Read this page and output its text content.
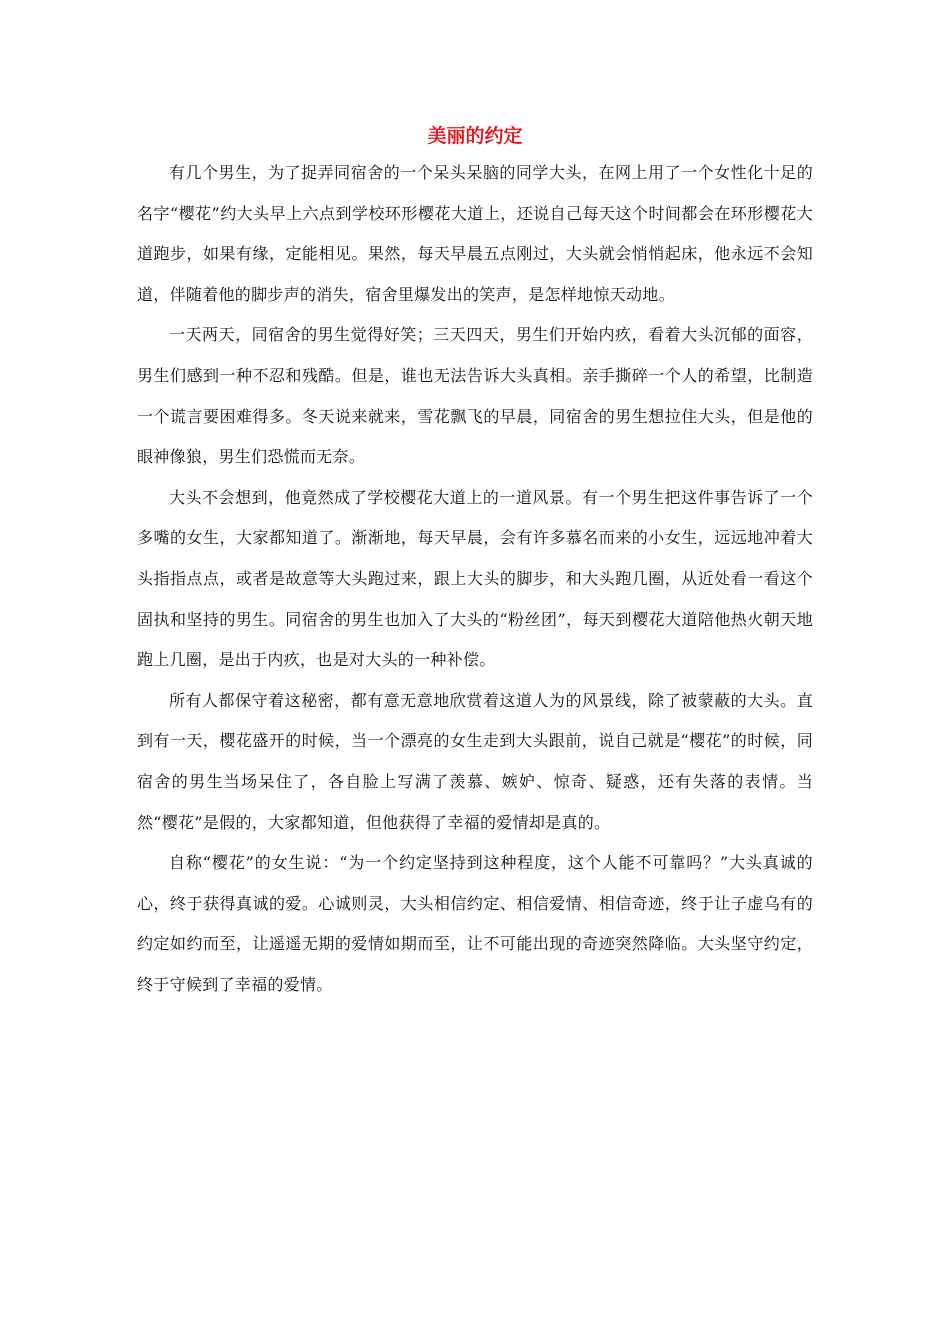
美丽的约定

有几个男生，为了捉弄同宿舍的一个呆头呆脑的同学大头，在网上用了一个女性化十足的名字“樱花”约大头早上六点到学校环形樱花大道上，还说自己每天这个时间都会在环形樱花大道跑步，如果有缘，定能相见。果然，每天早晨五点刚过，大头就会悄悄起床，他永远不会知道，伴随着他的脚步声的消失，宿舍里爆发出的笑声，是怎样地惊天动地。

一天两天，同宿舍的男生觉得好笑；三天四天，男生们开始内疚，看着大头沉郁的面容，男生们感到一种不忍和残酷。但是，谁也无法告诉大头真相。亲手撕碎一个人的希望，比制造一个谎言要困难得多。冬天说来就来，雪花飘飞的早晨，同宿舍的男生想拉住大头，但是他的眼神像狼，男生们恐慌而无奈。

大头不会想到，他竟然成了学校樱花大道上的一道风景。有一个男生把这件事告诉了一个多嘴的女生，大家都知道了。渐渐地，每天早晨，会有许多慕名而来的小女生，远远地冲着大头指指点点，或者是故意等大头跑过来，跟上大头的脚步，和大头跑几圈，从近处看一看这个固执和坚持的男生。同宿舍的男生也加入了大头的“粉丝团”，每天到樱花大道陪他热火朝天地跑上几圈，是出于内疚，也是对大头的一种补偿。

所有人都保守着这秘密，都有意无意地欣赏着这道人为的风景线，除了被蒙蔽的大头。直到有一天，樱花盛开的时候，当一个漂亮的女生走到大头跟前，说自己就是“樱花”的时候，同宿舍的男生当场呆住了，各自脸上写满了羡慕、嫉妒、惊奇、疑惑，还有失落的表情。当然“樱花”是假的，大家都知道，但他获得了幸福的爱情却是真的。

自称“樱花”的女生说：“为一个约定坚持到这种程度，这个人能不可靠吗？”大头真诚的心，终于获得真诚的爱。心诚则灵，大头相信约定、相信爱情、相信奇迹，终于让子虚乌有的约定如约而至，让遥遥无期的爱情如期而至，让不可能出现的奇迹突然降临。大头坚守约定，终于守候到了幸福的爱情。
